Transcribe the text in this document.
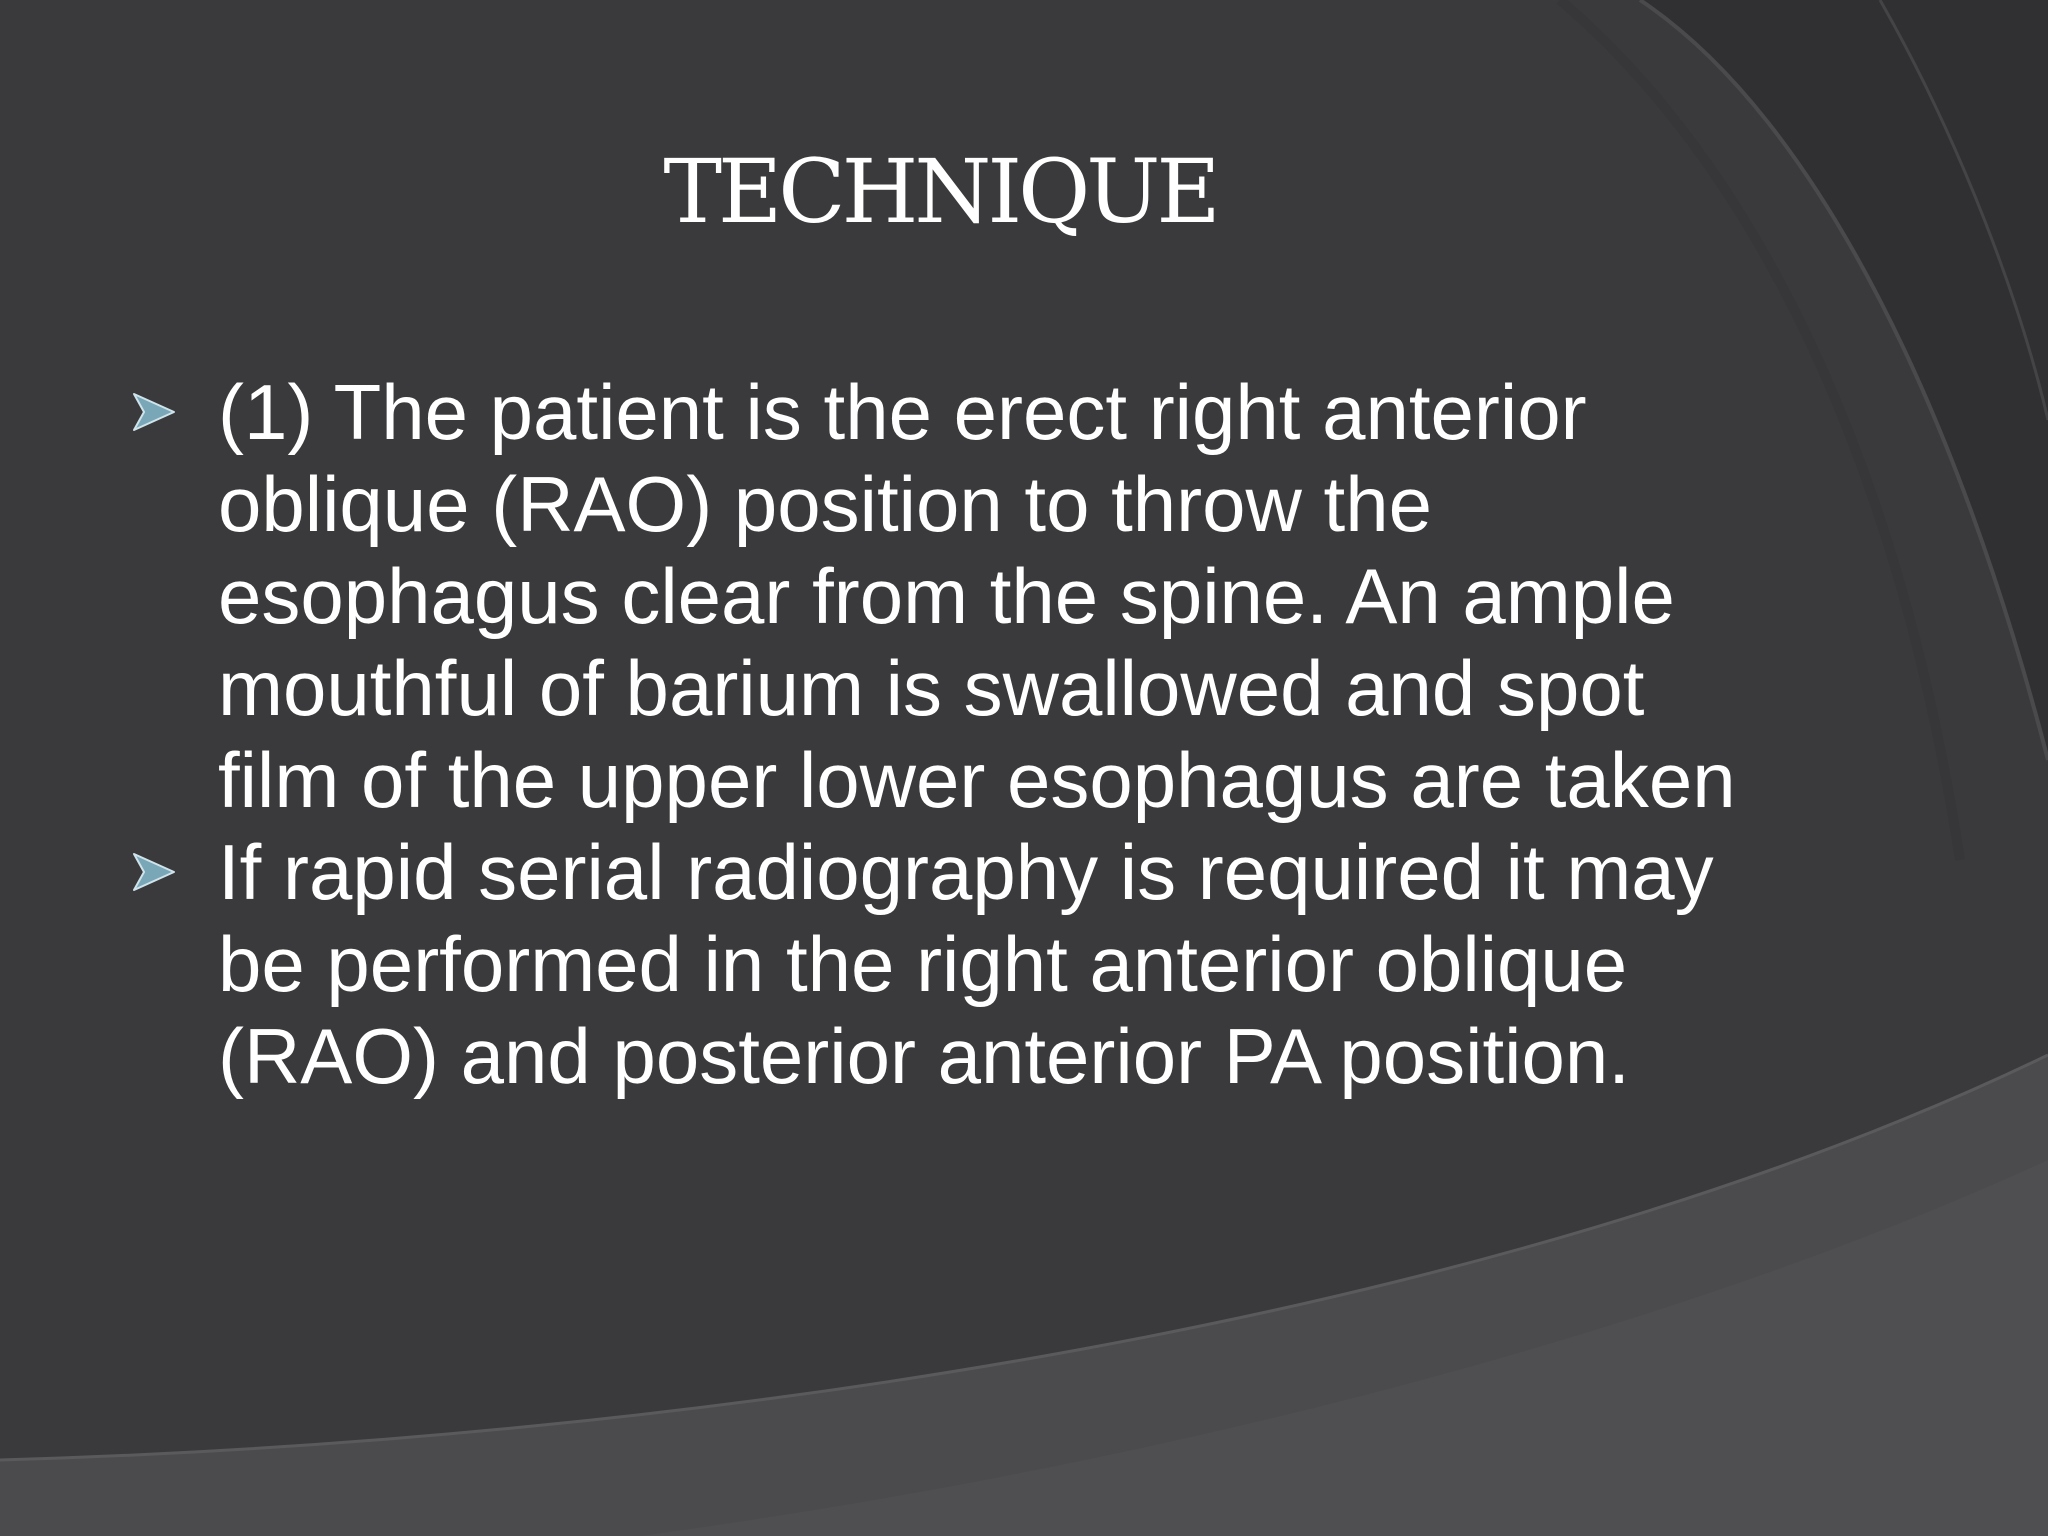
TECHNIQUE
(1) The patient is the erect right anterior oblique (RAO) position to throw the esophagus clear from the spine. An ample mouthful of barium is swallowed and spot film of the upper lower esophagus are taken
If rapid serial radiography is required it may be performed in the right anterior oblique (RAO) and posterior anterior PA position.
